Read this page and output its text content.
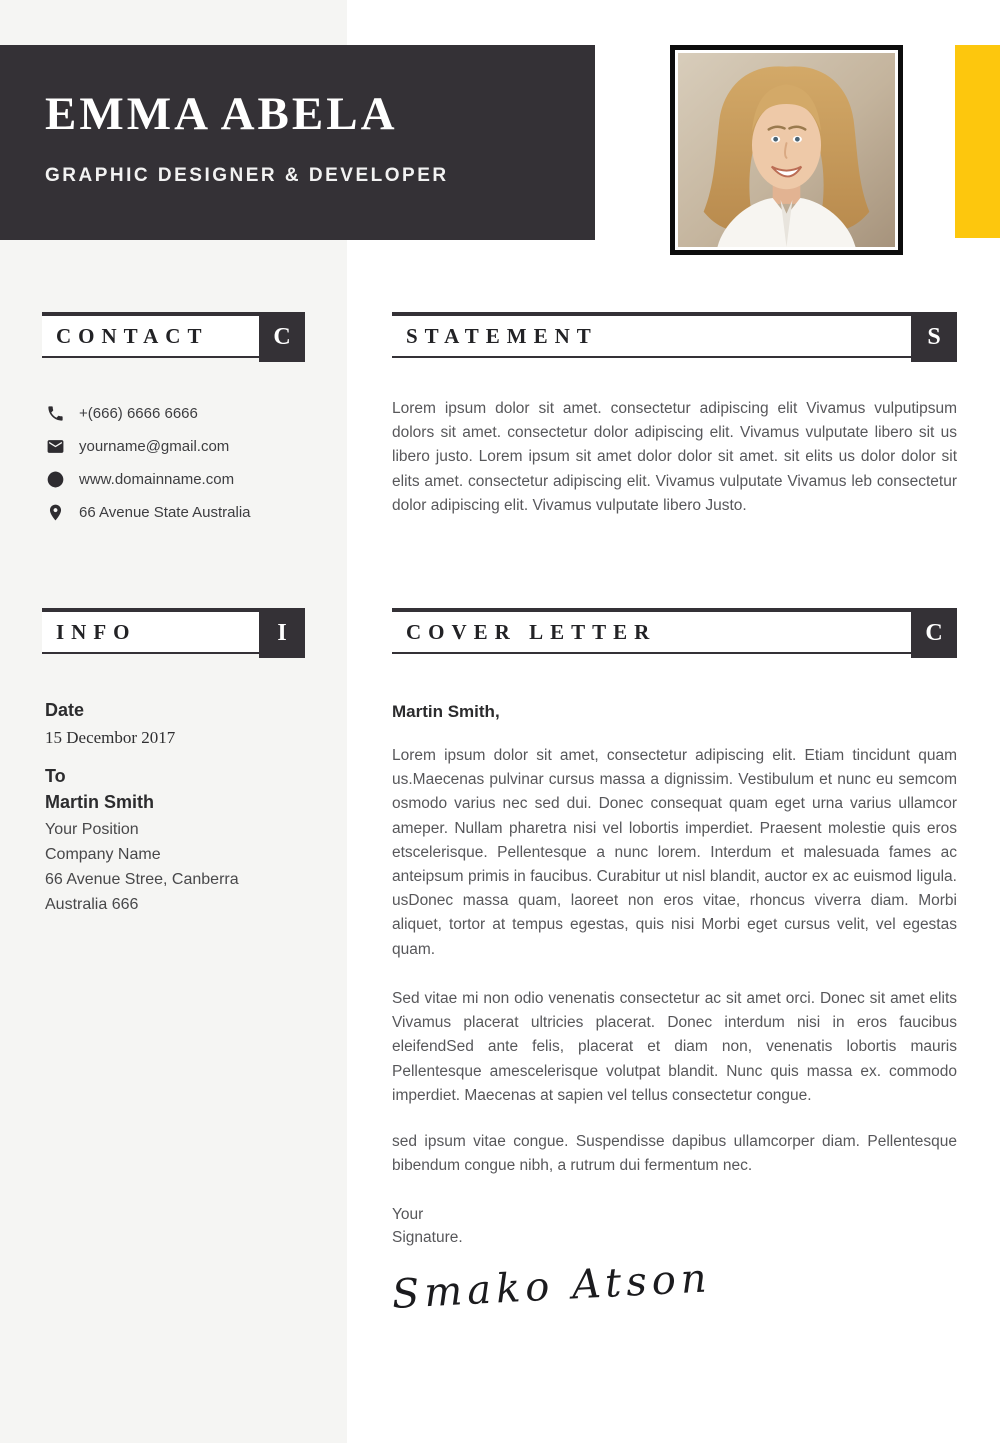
EMMA ABELA
GRAPHIC DESIGNER & DEVELOPER
CONTACT	C
+(666) 6666 6666
yourname@gmail.com
www.domainname.com
66 Avenue State Australia
INFO	I
Date
15 Decembor 2017
To
Martin Smith
Your Position
Company Name
66 Avenue Stree, Canberra
Australia 666
STATEMENT	S
Lorem ipsum dolor sit amet. consectetur adipiscing elit Vivamus vulputipsum dolors sit amet. consectetur dolor adipiscing elit. Vivamus vulputate libero sit us libero justo. Lorem ipsum sit amet dolor dolor sit amet. sit elits us dolor dolor sit elits amet. consectetur adipiscing elit. Vivamus vulputate Vivamus leb consectetur dolor adipiscing elit. Vivamus vulputate libero Justo.
COVER LETTER	C
Martin Smith,
Lorem ipsum dolor sit amet, consectetur adipiscing elit. Etiam tincidunt quam us.Maecenas pulvinar cursus massa a dignissim. Vestibulum et nunc eu semcom osmodo varius nec sed dui. Donec consequat quam eget urna varius ullamcor ameper. Nullam pharetra nisi vel lobortis imperdiet. Praesent molestie quis eros etscelerisque. Pellentesque a nunc lorem. Interdum et malesuada fames ac anteipsum primis in faucibus. Curabitur ut nisl blandit, auctor ex ac euismod ligula. usDonec massa quam, laoreet non eros vitae, rhoncus viverra diam. Morbi aliquet, tortor at tempus egestas, quis nisi Morbi eget cursus velit, vel egestas quam.
Sed vitae mi non odio venenatis consectetur ac sit amet orci. Donec sit amet elits Vivamus placerat ultricies placerat. Donec interdum nisi in eros faucibus eleifendSed ante felis, placerat et diam non, venenatis lobortis mauris Pellentesque amescelerisque volutpat blandit. Nunc quis massa ex. commodo imperdiet. Maecenas at sapien vel tellus consectetur congue.
sed ipsum vitae congue. Suspendisse dapibus ullamcorper diam. Pellentesque bibendum congue nibh, a rutrum dui fermentum nec.
Your
Signature.
Smako Atson
